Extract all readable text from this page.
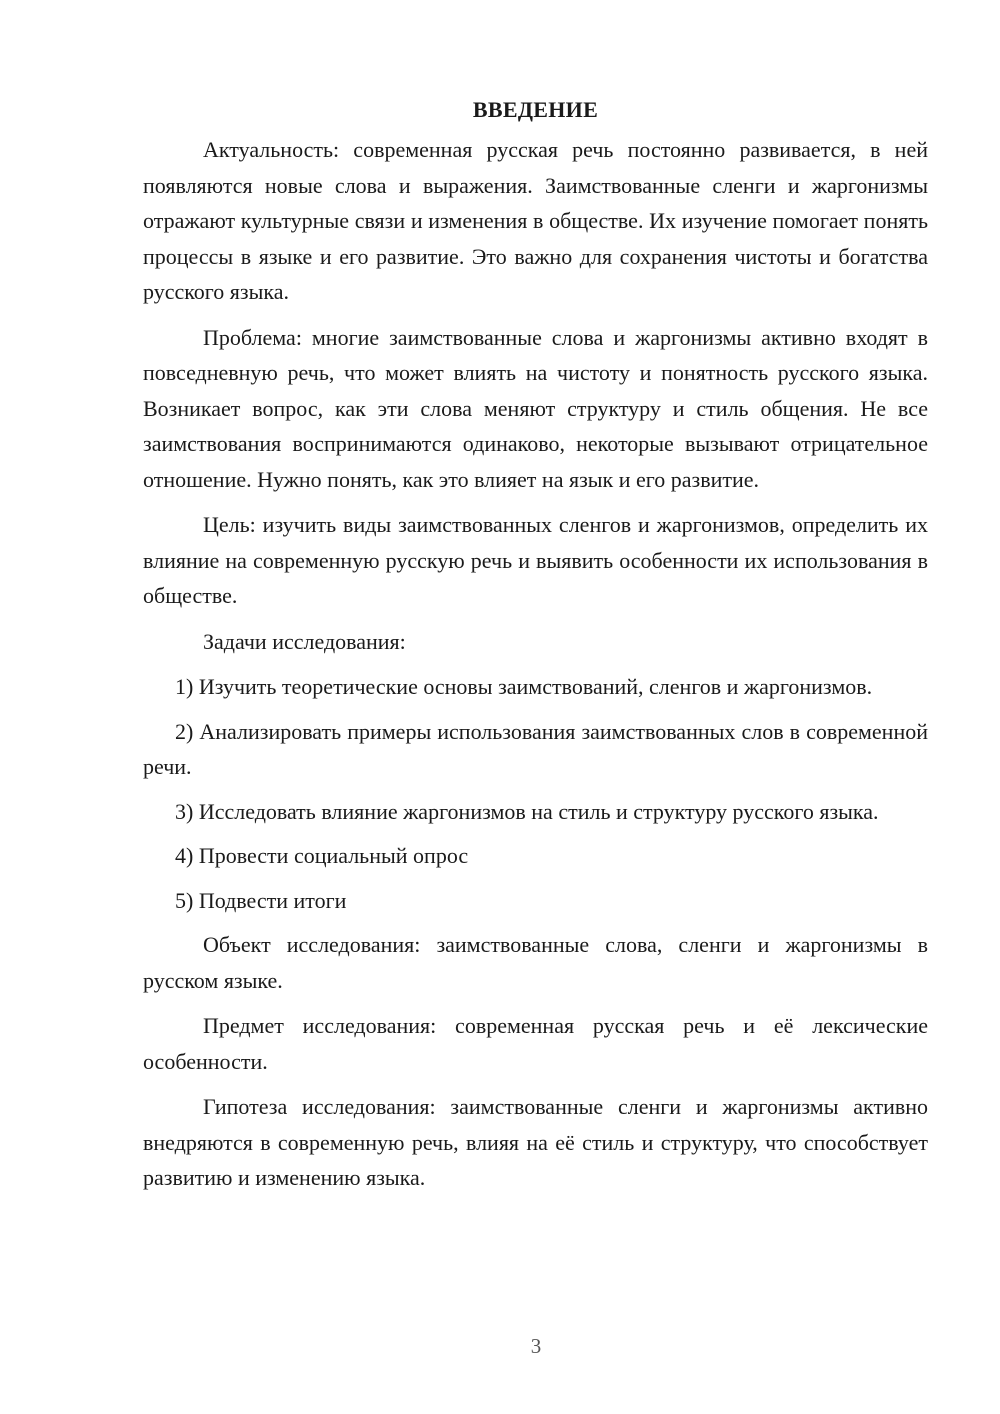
ВВЕДЕНИЕ

Актуальность: современная русская речь постоянно развивается, в ней появляются новые слова и выражения. Заимствованные сленги и жаргонизмы отражают культурные связи и изменения в обществе. Их изучение помогает понять процессы в языке и его развитие. Это важно для сохранения чистоты и богатства русского языка.

Проблема: многие заимствованные слова и жаргонизмы активно входят в повседневную речь, что может влиять на чистоту и понятность русского языка. Возникает вопрос, как эти слова меняют структуру и стиль общения. Не все заимствования воспринимаются одинаково, некоторые вызывают отрицательное отношение. Нужно понять, как это влияет на язык и его развитие.

Цель: изучить виды заимствованных сленгов и жаргонизмов, определить их влияние на современную русскую речь и выявить особенности их использования в обществе.

Задачи исследования:

1) Изучить теоретические основы заимствований, сленгов и жаргонизмов.

2) Анализировать примеры использования заимствованных слов в современной речи.

3) Исследовать влияние жаргонизмов на стиль и структуру русского языка.

4) Провести социальный опрос

5) Подвести итоги

Объект исследования: заимствованные слова, сленги и жаргонизмы в русском языке.

Предмет исследования: современная русская речь и её лексические особенности.

Гипотеза исследования: заимствованные сленги и жаргонизмы активно внедряются в современную речь, влияя на её стиль и структуру, что способствует развитию и изменению языка.

3
